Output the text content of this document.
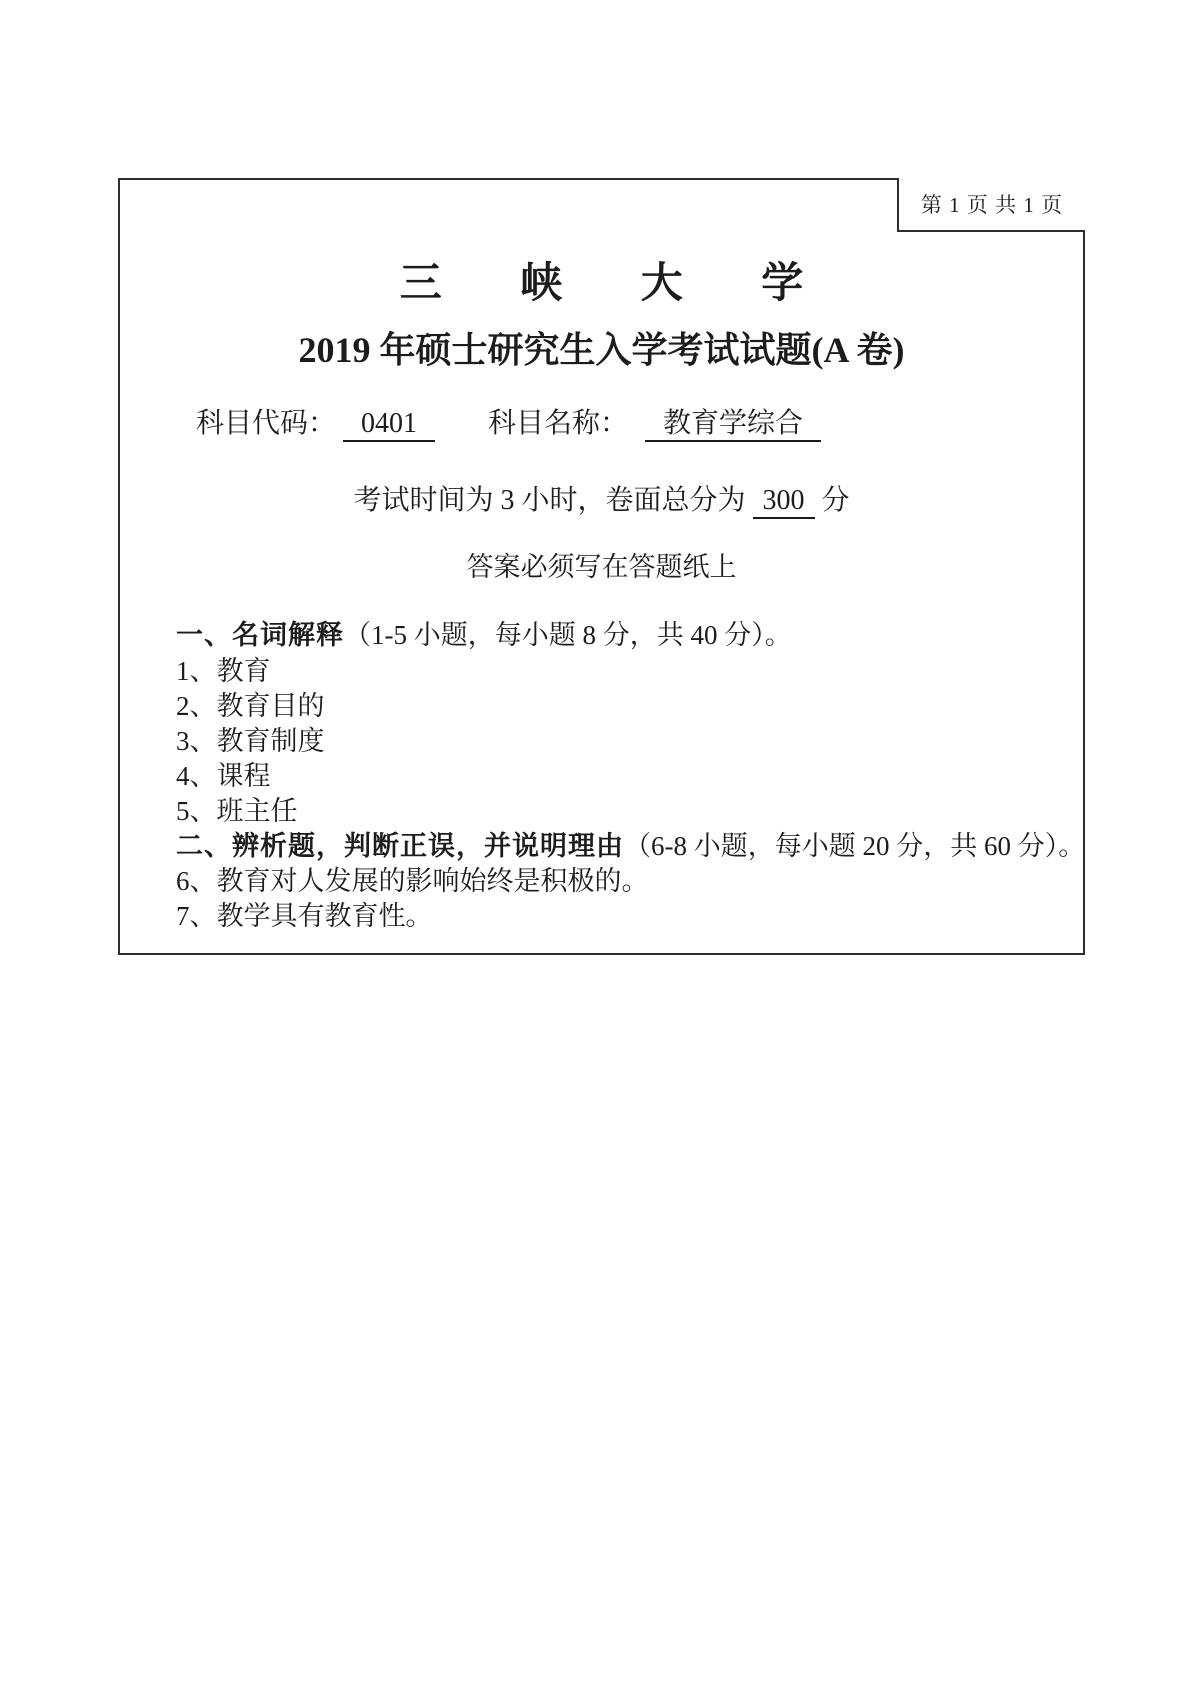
第 1 页 共 1 页
三 峡 大 学
2019 年硕士研究生入学考试试题(A 卷)
科目代码： 0401	科目名称： 教育学综合
考试时间为 3 小时，卷面总分为 300 分
答案必须写在答题纸上
一、名词解释（1-5 小题，每小题 8 分，共 40 分）。
1、教育
2、教育目的
3、教育制度
4、课程
5、班主任
二、辨析题，判断正误，并说明理由（6-8 小题，每小题 20 分，共 60 分）。
6、教育对人发展的影响始终是积极的。
7、教学具有教育性。
